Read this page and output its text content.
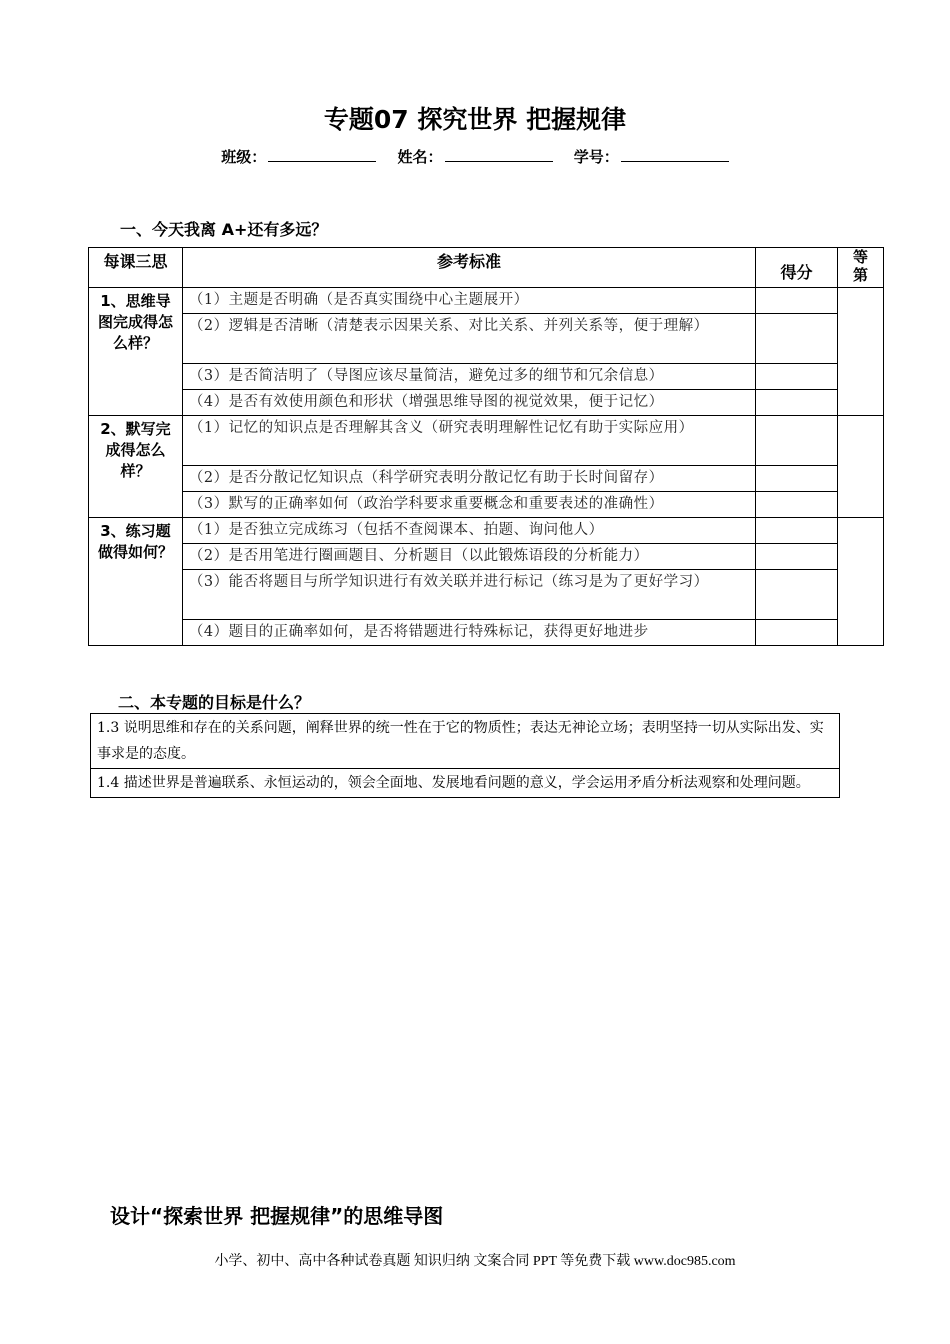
专题07 探究世界 把握规律
班级：	姓名：	学号：
一、今天我离 A+还有多远？
每课三思	参考标准	得分	等第
1、思维导图完成得怎么样？	（1）主题是否明确（是否真实围绕中心主题展开）		
	（2）逻辑是否清晰（清楚表示因果关系、对比关系、并列关系等，便于理解）		
	（3）是否简洁明了（导图应该尽量简洁，避免过多的细节和冗余信息）		
	（4）是否有效使用颜色和形状（增强思维导图的视觉效果，便于记忆）		
2、默写完成得怎么样？	（1）记忆的知识点是否理解其含义（研究表明理解性记忆有助于实际应用）		
	（2）是否分散记忆知识点（科学研究表明分散记忆有助于长时间留存）		
	（3）默写的正确率如何（政治学科要求重要概念和重要表述的准确性）		
3、练习题做得如何？	（1）是否独立完成练习（包括不查阅课本、拍题、询问他人）		
	（2）是否用笔进行圈画题目、分析题目（以此锻炼语段的分析能力）		
	（3）能否将题目与所学知识进行有效关联并进行标记（练习是为了更好学习）		
	（4）题目的正确率如何，是否将错题进行特殊标记，获得更好地进步		
二、本专题的目标是什么？
1.3 说明思维和存在的关系问题，阐释世界的统一性在于它的物质性；表达无神论立场；表明坚持一切从实际出发、实事求是的态度。
1.4 描述世界是普遍联系、永恒运动的，领会全面地、发展地看问题的意义，学会运用矛盾分析法观察和处理问题。
设计“探索世界 把握规律”的思维导图
小学、初中、高中各种试卷真题 知识归纳 文案合同 PPT 等免费下载 www.doc985.com
